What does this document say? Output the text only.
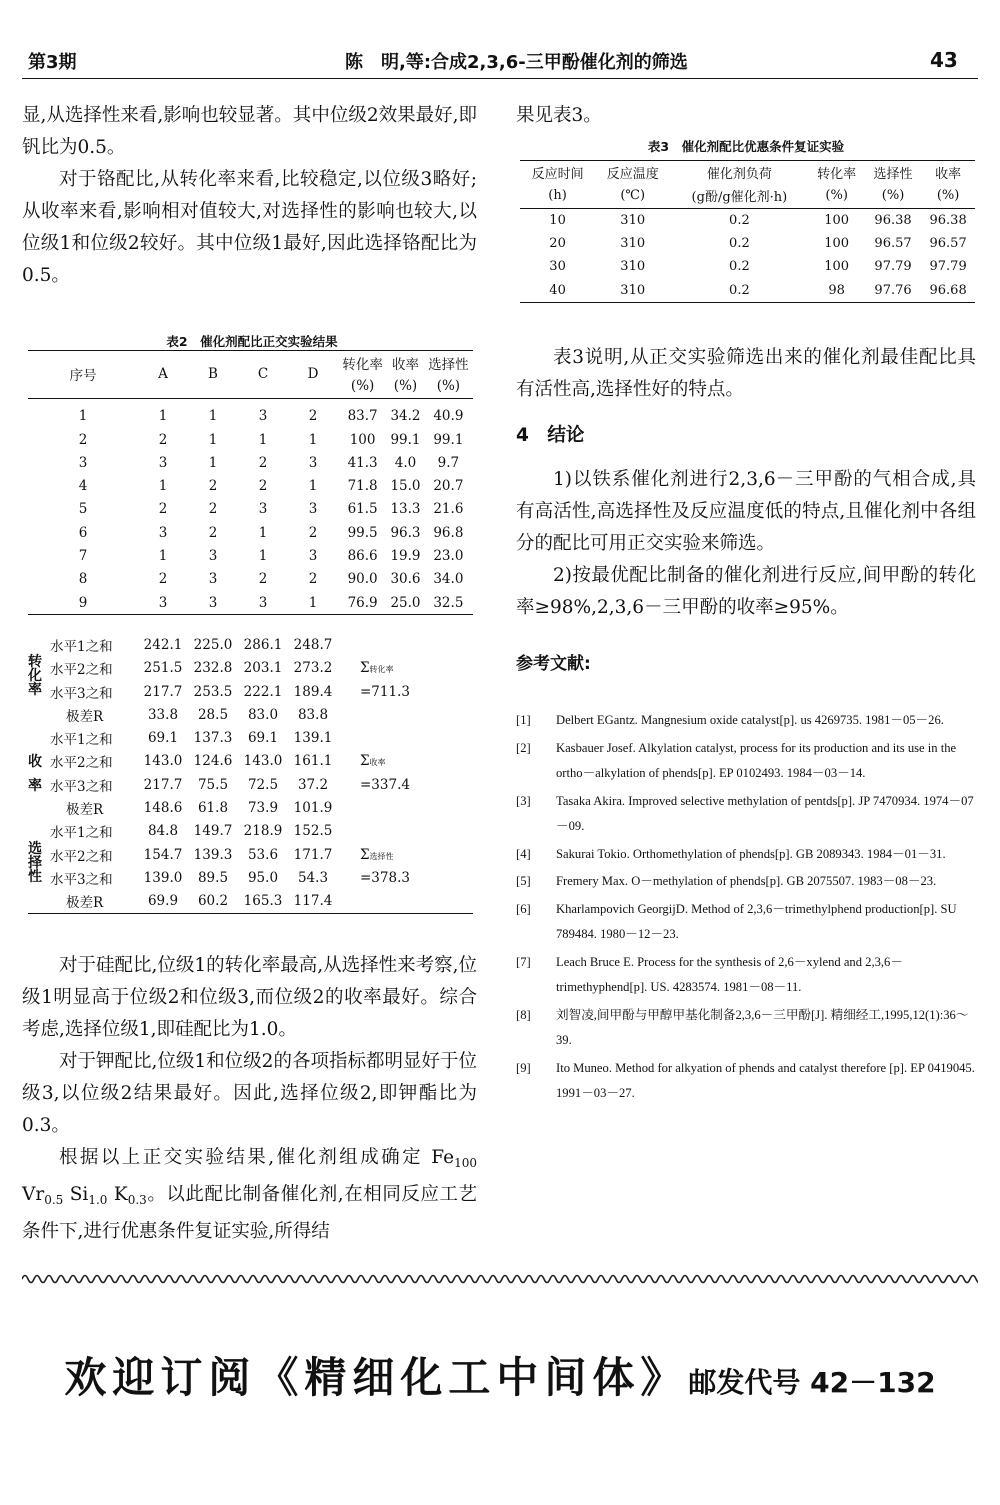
第3期	陈　明,等:合成2,3,6-三甲酚催化剂的筛选	43

显,从选择性来看,影响也较显著。其中位级2效果最好,即钒比为0.5。

对于铬配比,从转化率来看,比较稳定,以位级3略好;从收率来看,影响相对值较大,对选择性的影响也较大,以位级1和位级2较好。其中位级1最好,因此选择铬配比为0.5。

表2　催化剂配比正交实验结果
序号	A	B	C	D	转化率	收率	选择性
					(%)	(%)	(%)
1	1	1	3	2	83.7	34.2	40.9
2	2	1	1	1	100	99.1	99.1
3	3	1	2	3	41.3	4.0	9.7
4	1	2	2	1	71.8	15.0	20.7
5	2	2	3	3	61.5	13.3	21.6
6	3	2	1	2	99.5	96.3	96.8
7	1	3	1	3	86.6	19.9	23.0
8	2	3	2	2	90.0	30.6	34.0
9	3	3	3	1	76.9	25.0	32.5

转
化
率
水平1之和	242.1	225.0	286.1	248.7			
水平2之和	251.5	232.8	203.1	273.2	Σ转化率		
水平3之和	217.7	253.5	222.1	189.4	=711.3		
极差R	33.8	28.5	83.0	83.8			

收
率
水平1之和	69.1	137.3	69.1	139.1			
水平2之和	143.0	124.6	143.0	161.1	Σ收率		
水平3之和	217.7	75.5	72.5	37.2	=337.4		
极差R	148.6	61.8	73.9	101.9			

选
择
性
水平1之和	84.8	149.7	218.9	152.5			
水平2之和	154.7	139.3	53.6	171.7	Σ选择性		
水平3之和	139.0	89.5	95.0	54.3	=378.3		
极差R	69.9	60.2	165.3	117.4			

对于硅配比,位级1的转化率最高,从选择性来考察,位级1明显高于位级2和位级3,而位级2的收率最好。综合考虑,选择位级1,即硅配比为1.0。

对于钾配比,位级1和位级2的各项指标都明显好于位级3,以位级2结果最好。因此,选择位级2,即钾酯比为0.3。

根据以上正交实验结果,催化剂组成确定 $Fe_{100}$ $Vr_{0.5}$ $Si_{1.0}$ $K_{0.3}$。以此配比制备催化剂,在相同反应工艺条件下,进行优惠条件复证实验,所得结

果见表3。

表3　催化剂配比优惠条件复证实验
反应时间	反应温度	催化剂负荷	转化率	选择性	收率
(h)	(℃)	(g酚/g催化剂·h)	(%)	(%)	(%)
10	310	0.2	100	96.38	96.38
20	310	0.2	100	96.57	96.57
30	310	0.2	100	97.79	97.79
40	310	0.2	98	97.76	96.68

表3说明,从正交实验筛选出来的催化剂最佳配比具有活性高,选择性好的特点。

4　结论

1)以铁系催化剂进行2,3,6－三甲酚的气相合成,具有高活性,高选择性及反应温度低的特点,且催化剂中各组分的配比可用正交实验来筛选。

2)按最优配比制备的催化剂进行反应,间甲酚的转化率≥98%,2,3,6－三甲酚的收率≥95%。

参考文献:

[1]	Delbert EGantz. Mangnesium oxide catalyst[p]. us 4269735. 1981－05－26.
[2]	Kasbauer Josef. Alkylation catalyst, process for its production and its use in the ortho－alkylation of phends[p]. EP 0102493. 1984－03－14.
[3]	Tasaka Akira. Improved selective methylation of pentds[p]. JP 7470934. 1974－07－09.
[4]	Sakurai Tokio. Orthomethylation of phends[p]. GB 2089343. 1984－01－31.
[5]	Fremery Max. O－methylation of phends[p]. GB 2075507. 1983－08－23.
[6]	Kharlampovich GeorgijD. Method of 2,3,6－trimethylphend production[p]. SU 789484. 1980－12－23.
[7]	Leach Bruce E. Process for the synthesis of 2,6－xylend and 2,3,6－trimethyphend[p]. US. 4283574. 1981－08－11.
[8]	刘智凌,间甲酚与甲醇甲基化制备2,3,6－三甲酚[J]. 精细经工,1995,12(1):36～39.
[9]	Ito Muneo. Method for alkyation of phends and catalyst therefore [p]. EP 0419045. 1991－03－27.
欢迎订阅《精细化工中间体》邮发代号 42－132
